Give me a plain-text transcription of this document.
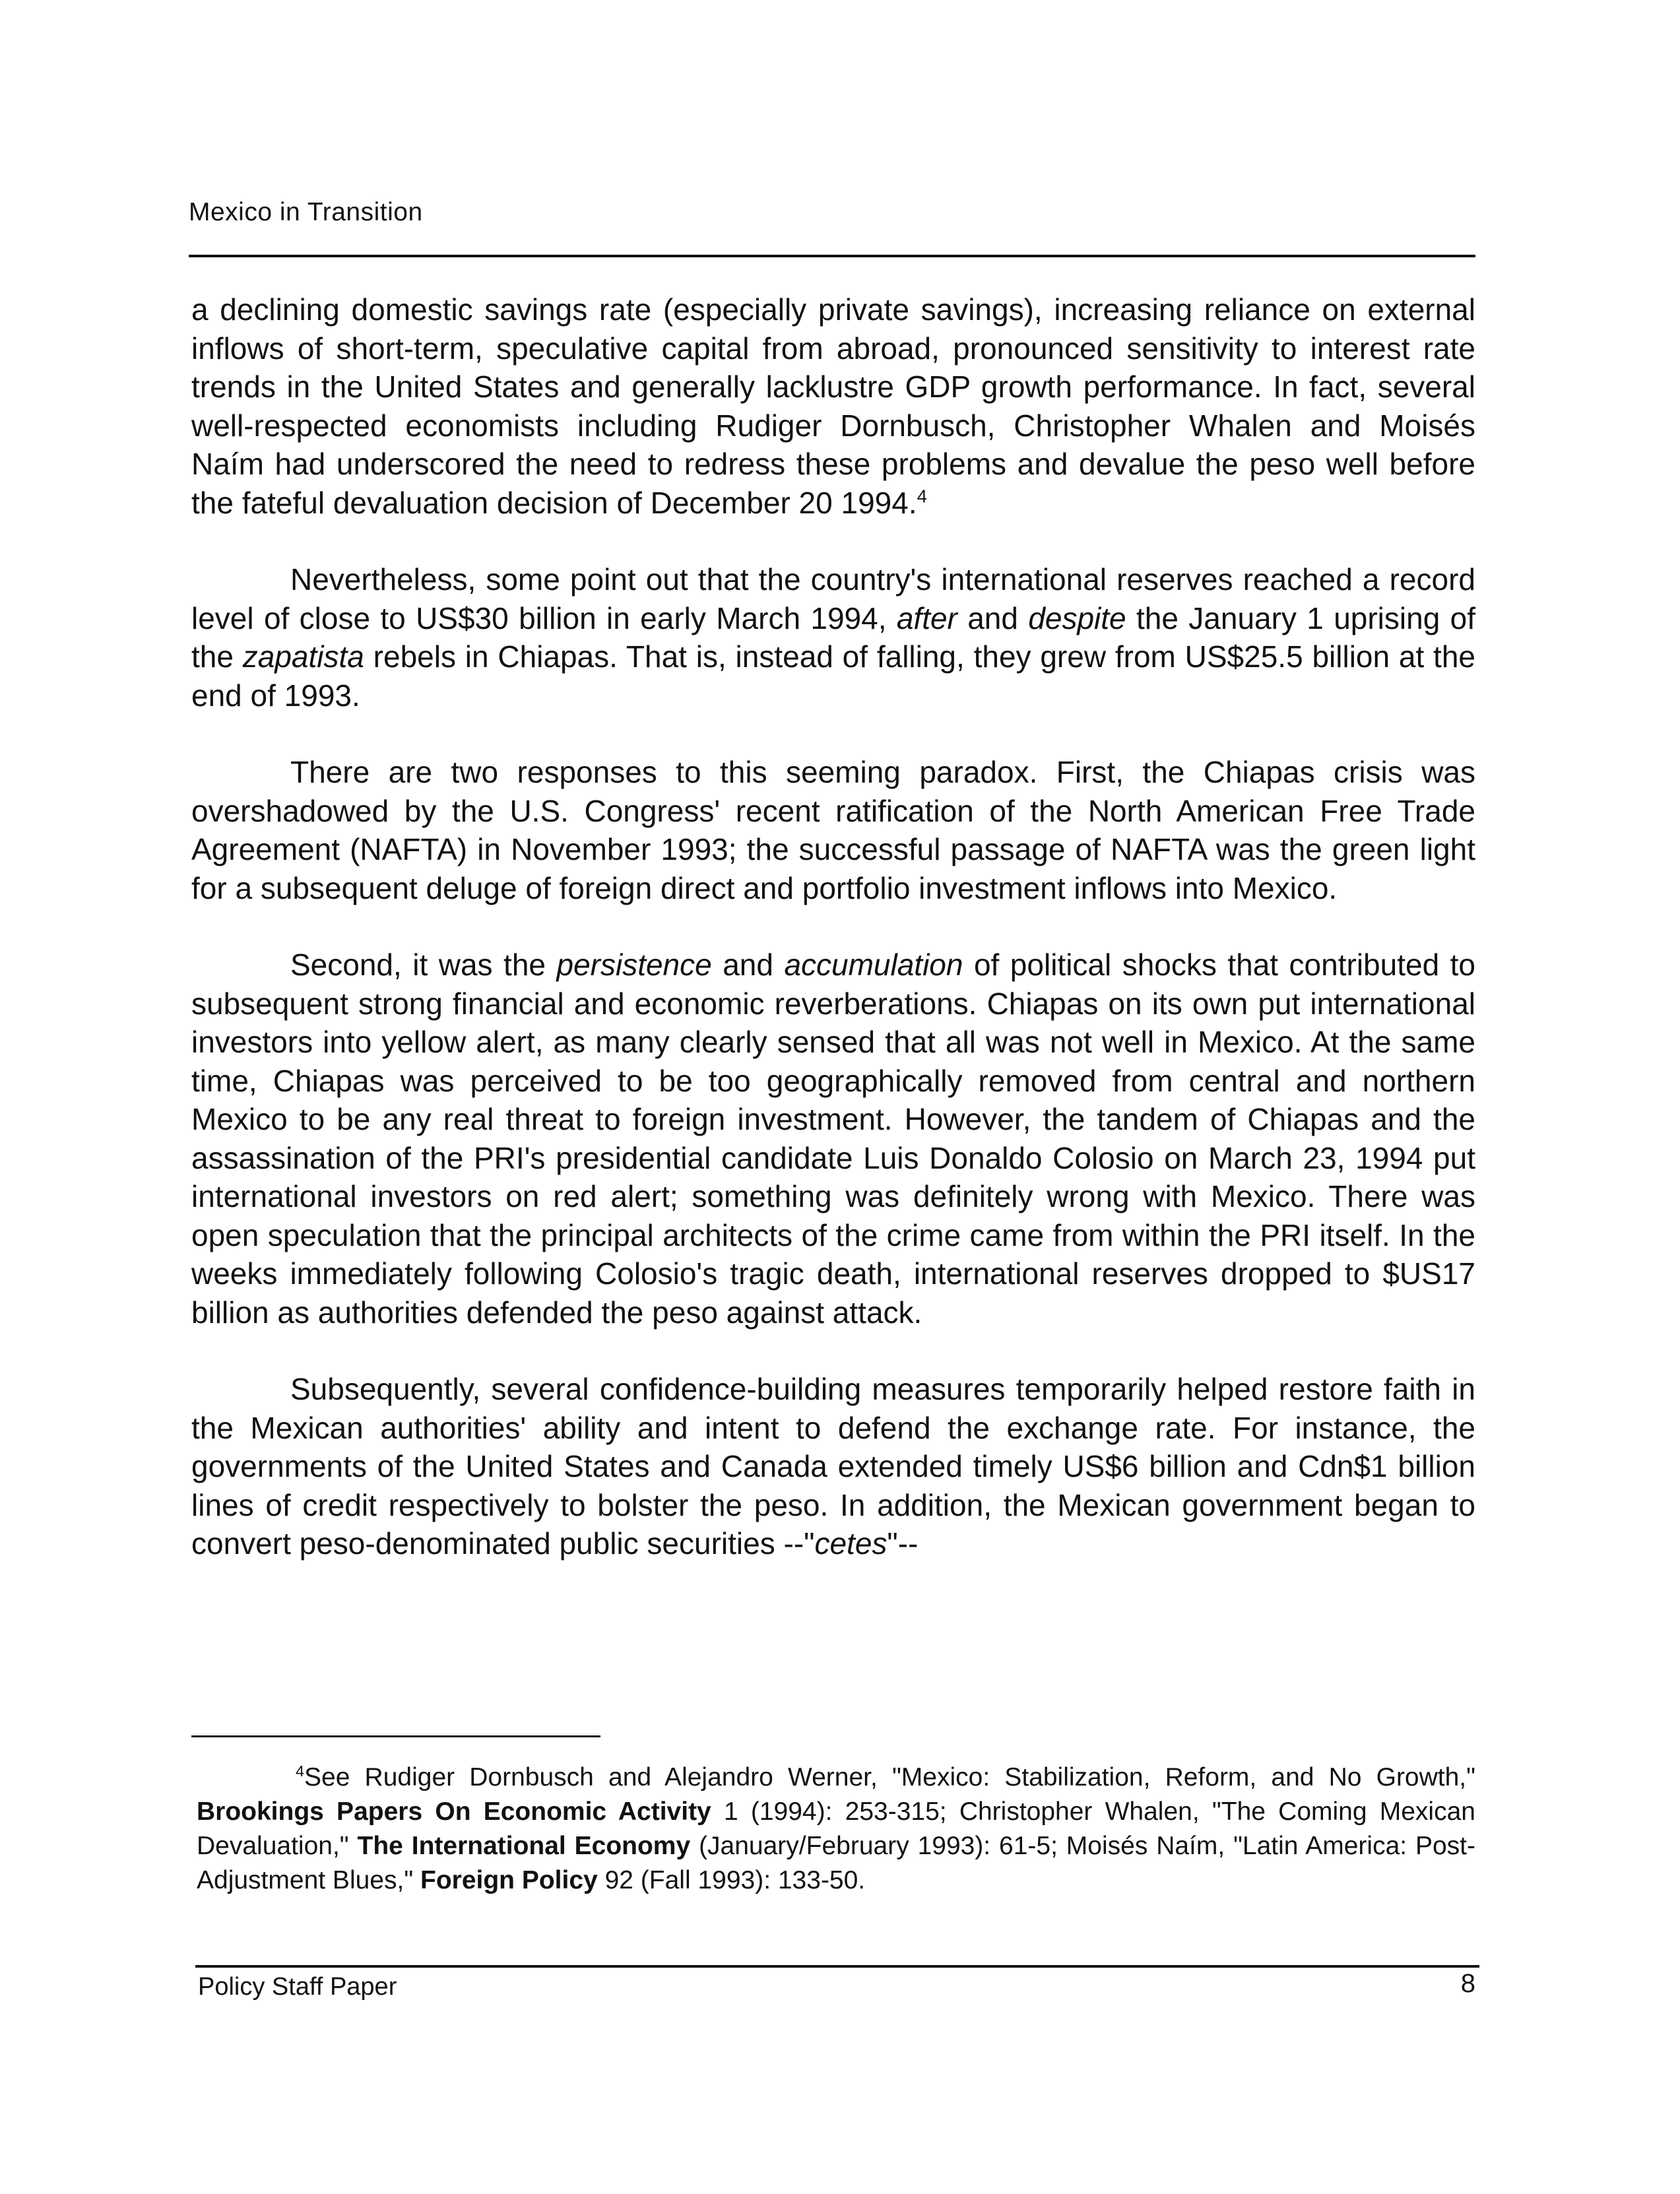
Mexico in Transition

a declining domestic savings rate (especially private savings), increasing reliance on external inflows of short-term, speculative capital from abroad, pronounced sensitivity to interest rate trends in the United States and generally lacklustre GDP growth performance. In fact, several well-respected economists including Rudiger Dornbusch, Christopher Whalen and Moisés Naím had underscored the need to redress these problems and devalue the peso well before the fateful devaluation decision of December 20 1994.$^4$

Nevertheless, some point out that the country's international reserves reached a record level of close to US$30 billion in early March 1994, after and despite the January 1 uprising of the zapatista rebels in Chiapas. That is, instead of falling, they grew from US$25.5 billion at the end of 1993.

There are two responses to this seeming paradox. First, the Chiapas crisis was overshadowed by the U.S. Congress' recent ratification of the North American Free Trade Agreement (NAFTA) in November 1993; the successful passage of NAFTA was the green light for a subsequent deluge of foreign direct and portfolio investment inflows into Mexico.

Second, it was the persistence and accumulation of political shocks that contributed to subsequent strong financial and economic reverberations. Chiapas on its own put international investors into yellow alert, as many clearly sensed that all was not well in Mexico. At the same time, Chiapas was perceived to be too geographically removed from central and northern Mexico to be any real threat to foreign investment. However, the tandem of Chiapas and the assassination of the PRI's presidential candidate Luis Donaldo Colosio on March 23, 1994 put international investors on red alert; something was definitely wrong with Mexico. There was open speculation that the principal architects of the crime came from within the PRI itself. In the weeks immediately following Colosio's tragic death, international reserves dropped to $US17 billion as authorities defended the peso against attack.

Subsequently, several confidence-building measures temporarily helped restore faith in the Mexican authorities' ability and intent to defend the exchange rate. For instance, the governments of the United States and Canada extended timely US$6 billion and Cdn$1 billion lines of credit respectively to bolster the peso. In addition, the Mexican government began to convert peso-denominated public securities --"cetes"--

$^4$See Rudiger Dornbusch and Alejandro Werner, "Mexico: Stabilization, Reform, and No Growth," Brookings Papers On Economic Activity 1 (1994): 253-315; Christopher Whalen, "The Coming Mexican Devaluation," The International Economy (January/February 1993): 61-5; Moisés Naím, "Latin America: Post-Adjustment Blues," Foreign Policy 92 (Fall 1993): 133-50.
Policy Staff Paper	8
